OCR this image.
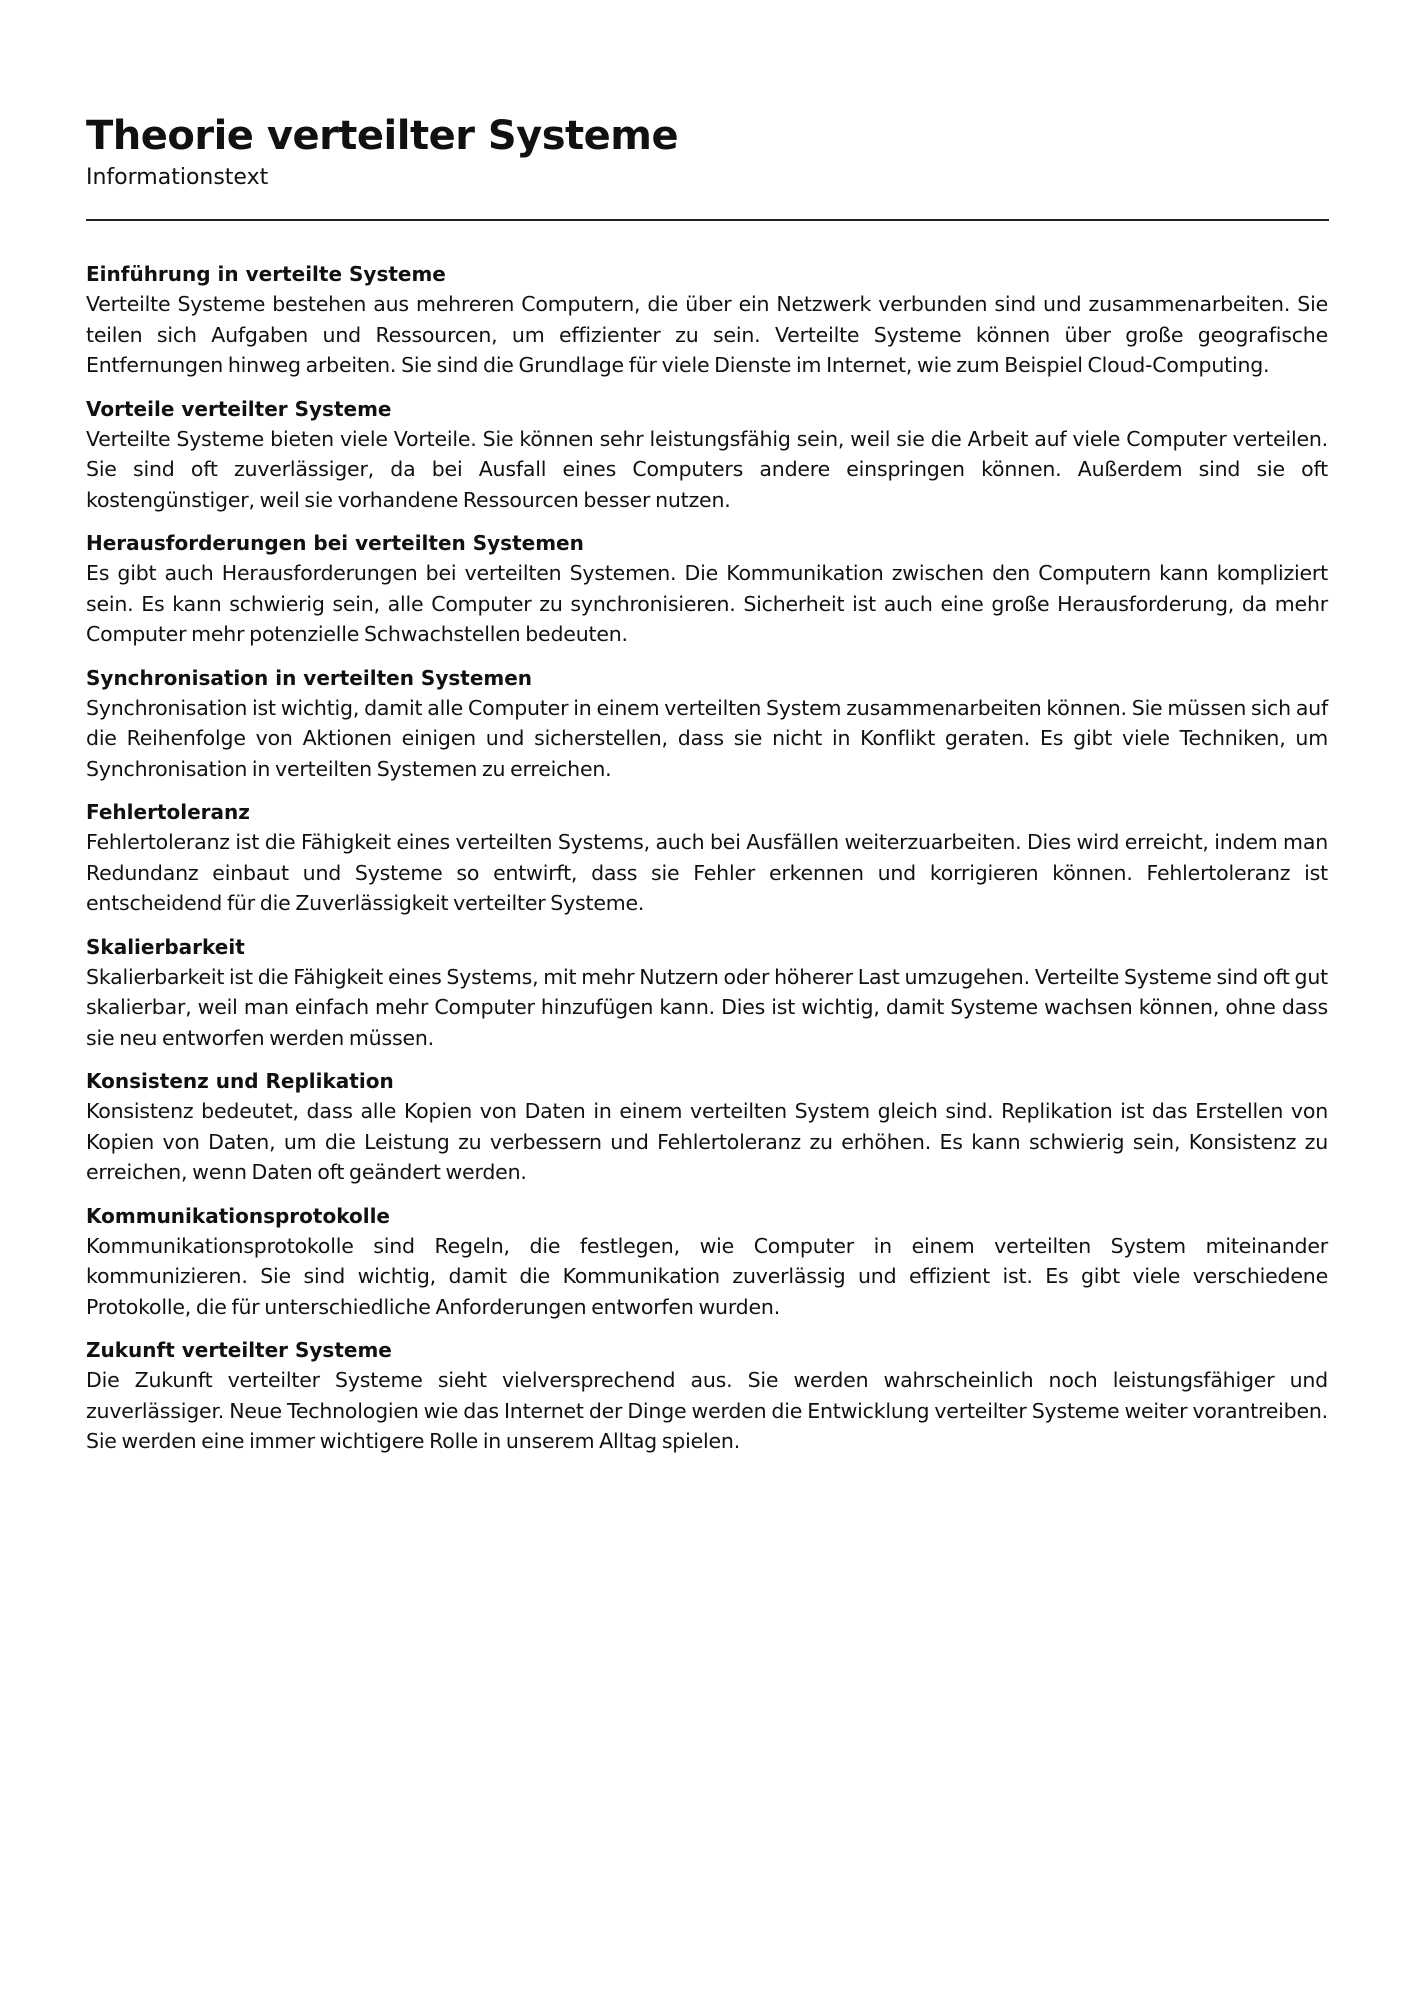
Theorie verteilter Systeme
Informationstext
Einführung in verteilte Systeme

Verteilte Systeme bestehen aus mehreren Computern, die über ein Netzwerk verbunden sind und zusammenarbeiten. Sie teilen sich Aufgaben und Ressourcen, um effizienter zu sein. Verteilte Systeme können über große geografische Entfernungen hinweg arbeiten. Sie sind die Grundlage für viele Dienste im Internet, wie zum Beispiel Cloud-Computing.

Vorteile verteilter Systeme

Verteilte Systeme bieten viele Vorteile. Sie können sehr leistungsfähig sein, weil sie die Arbeit auf viele Computer verteilen. Sie sind oft zuverlässiger, da bei Ausfall eines Computers andere einspringen können. Außerdem sind sie oft kostengünstiger, weil sie vorhandene Ressourcen besser nutzen.

Herausforderungen bei verteilten Systemen

Es gibt auch Herausforderungen bei verteilten Systemen. Die Kommunikation zwischen den Computern kann kompliziert sein. Es kann schwierig sein, alle Computer zu synchronisieren. Sicherheit ist auch eine große Herausforderung, da mehr Computer mehr potenzielle Schwachstellen bedeuten.

Synchronisation in verteilten Systemen

Synchronisation ist wichtig, damit alle Computer in einem verteilten System zusammenarbeiten können. Sie müssen sich auf die Reihenfolge von Aktionen einigen und sicherstellen, dass sie nicht in Konflikt geraten. Es gibt viele Techniken, um Synchronisation in verteilten Systemen zu erreichen.

Fehlertoleranz

Fehlertoleranz ist die Fähigkeit eines verteilten Systems, auch bei Ausfällen weiterzuarbeiten. Dies wird erreicht, indem man Redundanz einbaut und Systeme so entwirft, dass sie Fehler erkennen und korrigieren können. Fehlertoleranz ist entscheidend für die Zuverlässigkeit verteilter Systeme.

Skalierbarkeit

Skalierbarkeit ist die Fähigkeit eines Systems, mit mehr Nutzern oder höherer Last umzugehen. Verteilte Systeme sind oft gut skalierbar, weil man einfach mehr Computer hinzufügen kann. Dies ist wichtig, damit Systeme wachsen können, ohne dass sie neu entworfen werden müssen.

Konsistenz und Replikation

Konsistenz bedeutet, dass alle Kopien von Daten in einem verteilten System gleich sind. Replikation ist das Erstellen von Kopien von Daten, um die Leistung zu verbessern und Fehlertoleranz zu erhöhen. Es kann schwierig sein, Konsistenz zu erreichen, wenn Daten oft geändert werden.

Kommunikationsprotokolle

Kommunikationsprotokolle sind Regeln, die festlegen, wie Computer in einem verteilten System miteinander kommunizieren. Sie sind wichtig, damit die Kommunikation zuverlässig und effizient ist. Es gibt viele verschiedene Protokolle, die für unterschiedliche Anforderungen entworfen wurden.

Zukunft verteilter Systeme

Die Zukunft verteilter Systeme sieht vielversprechend aus. Sie werden wahrscheinlich noch leistungsfähiger und zuverlässiger. Neue Technologien wie das Internet der Dinge werden die Entwicklung verteilter Systeme weiter vorantreiben. Sie werden eine immer wichtigere Rolle in unserem Alltag spielen.
